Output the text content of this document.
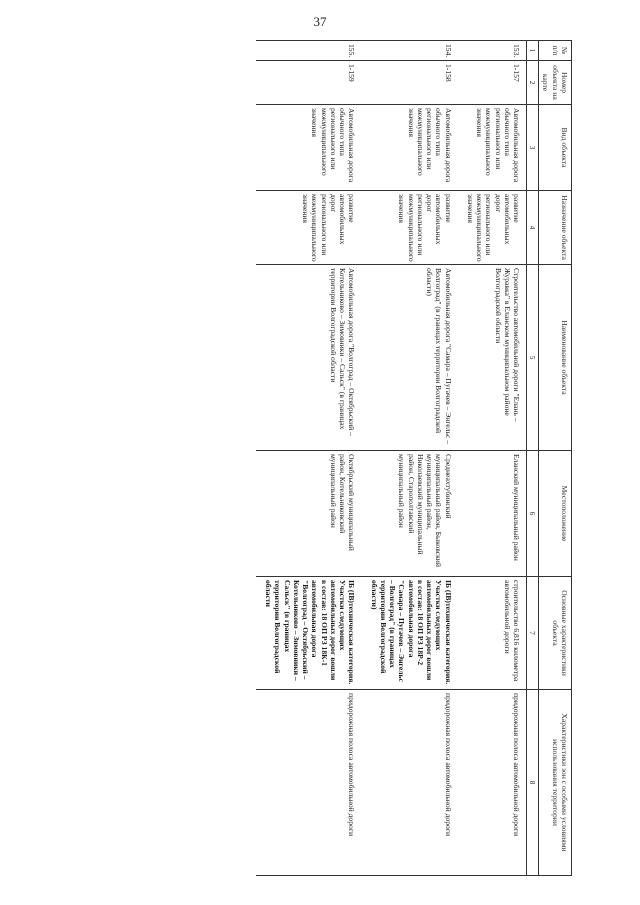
37
№ п/п	Номер объекта на карте	Вид объекта	Назначение объекта	Наименование объекта	Местоположение	Основные характеристики объекта	Характеристики зон с особыми условиями использования территории
1	2	3	4	5	6	7	8
153.	1-157	Автомобильная дорога обычного типа регионального или межмуниципального значения	развитие автомобильных дорог регионального или межмуниципального значения	Строительство автомобильной дороги "Елань – Журавка" в Еланском муниципальном районе Волгоградской области	Еланский муниципальный район	строительство 6,816 километра автомобильной дороги	придорожная полоса автомобильной дороги
154.	1-158	Автомобильная дорога обычного типа регионального или межмуниципального значения	развитие автомобильных дорог регионального или межмуниципального значения	Автомобильная дорога "Самара – Пугачев – Энгельс – Волгоград" (в границах территории Волгоградской области)	Среднеахтубинский муниципальный район, Быковский муниципальный район, Николаевский муниципальный район, Старополтавский муниципальный район	IБ (IВ)техническая категория. Участки следующих автомобильных дорог вошли в состав: 18 ОП РЗ 18Р-2 автомобильная дорога "Самара – Пугачев – Энгельс – Волгоград" (в границах территории Волгоградской области)	придорожная полоса автомобильной дороги
155.	1-159	Автомобильная дорога обычного типа регионального или межмуниципального значения	развитие автомобильных дорог регионального или межмуниципального значения	Автомобильная дорога "Волгоград – Октябрьский – Котельниково – Зимовники – Сальск" (в границах территории Волгоградской области	Октябрьский муниципальный район, Котельниковский муниципальный район	IБ (IВ)техническая категория. Участки следующих автомобильных дорог вошли в состав: 18 ОП РЗ 18К-1 автомобильная дорога "Волгоград – Октябрьский – Котельниково – Зимовники – Сальск" (в границах территории Волгоградской области	придорожная полоса автомобильной дороги
